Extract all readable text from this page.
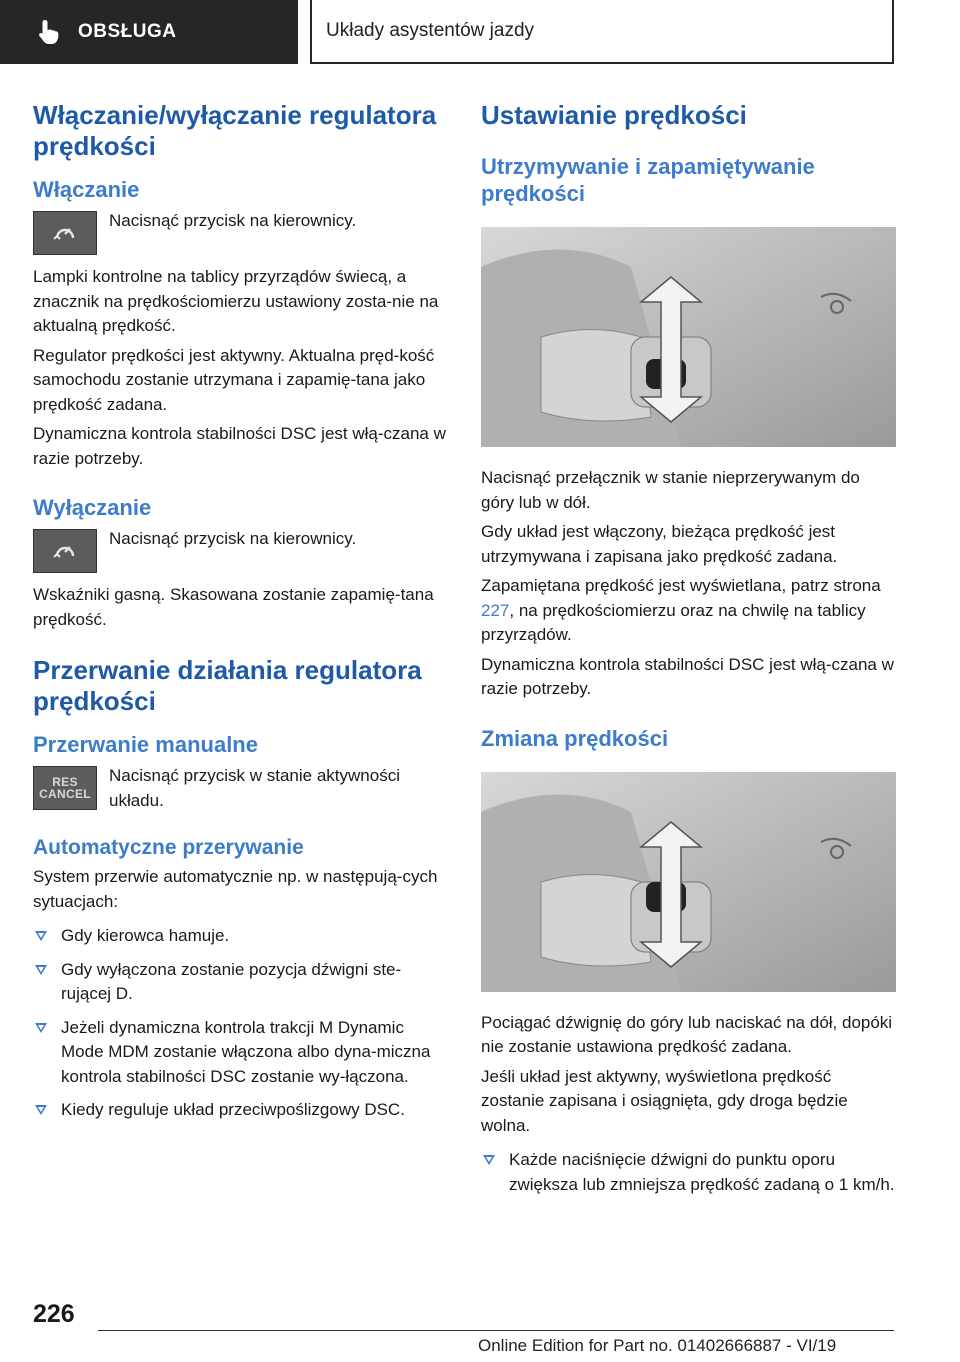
OBSŁUGA	Układy asystentów jazdy
Włączanie/wyłączanie regulatora prędkości
Włączanie
Nacisnąć przycisk na kierownicy.

Lampki kontrolne na tablicy przyrządów świecą, a znacznik na prędkościomierzu ustawiony zosta‐nie na aktualną prędkość.

Regulator prędkości jest aktywny. Aktualna pręd‐kość samochodu zostanie utrzymana i zapamię‐tana jako prędkość zadana.

Dynamiczna kontrola stabilności DSC jest włą‐czana w razie potrzeby.

Wyłączanie
Nacisnąć przycisk na kierownicy.

Wskaźniki gasną. Skasowana zostanie zapamię‐tana prędkość.

Przerwanie działania regulatora prędkości
Przerwanie manualne
RES
CANCEL
Nacisnąć przycisk w stanie aktywności układu.
Automatyczne przerywanie

System przerwie automatycznie np. w następują‐cych sytuacjach:

Gdy kierowca hamuje.
Gdy wyłączona zostanie pozycja dźwigni ste‐rującej D.
Jeżeli dynamiczna kontrola trakcji M Dynamic Mode MDM zostanie włączona albo dyna‐miczna kontrola stabilności DSC zostanie wy‐łączona.
Kiedy reguluje układ przeciwpoślizgowy DSC.
Ustawianie prędkości
Utrzymywanie i zapamiętywanie prędkości

Nacisnąć przełącznik w stanie nieprzerywanym do góry lub w dół.

Gdy układ jest włączony, bieżąca prędkość jest utrzymywana i zapisana jako prędkość zadana.

Zapamiętana prędkość jest wyświetlana, patrz strona 227, na prędkościomierzu oraz na chwilę na tablicy przyrządów.

Dynamiczna kontrola stabilności DSC jest włą‐czana w razie potrzeby.

Zmiana prędkości

Pociągać dźwignię do góry lub naciskać na dół, dopóki nie zostanie ustawiona prędkość zadana.

Jeśli układ jest aktywny, wyświetlona prędkość zostanie zapisana i osiągnięta, gdy droga będzie wolna.

Każde naciśnięcie dźwigni do punktu oporu zwiększa lub zmniejsza prędkość zadaną o 1 km/h.
226
Online Edition for Part no. 01402666887 - VI/19
